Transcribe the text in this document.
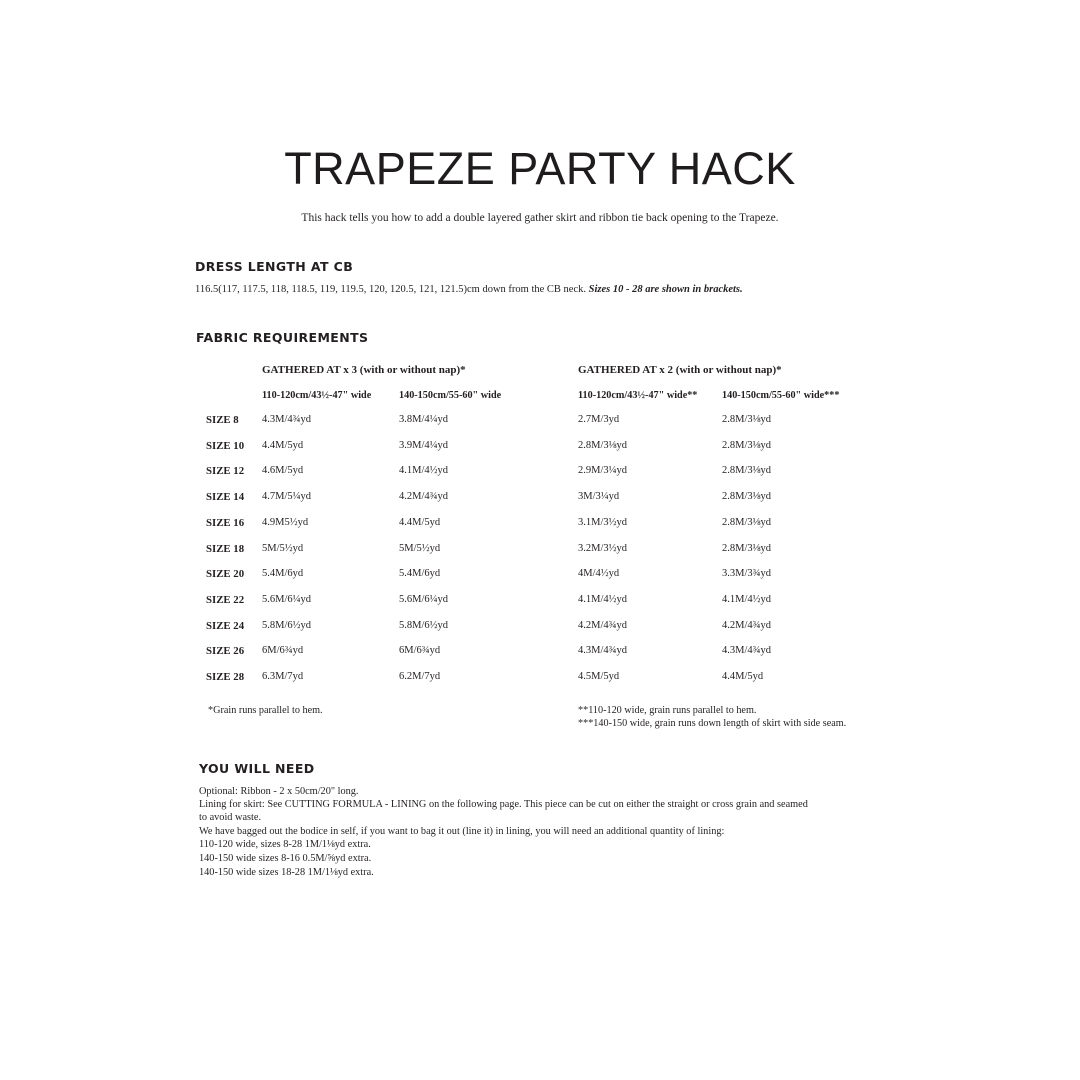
TRAPEZE PARTY HACK
This hack tells you how to add a double layered gather skirt and ribbon tie back opening to the Trapeze.
DRESS LENGTH AT CB
116.5(117, 117.5, 118, 118.5, 119, 119.5, 120, 120.5, 121, 121.5)cm down from the CB neck. Sizes 10 - 28 are shown in brackets.
FABRIC REQUIREMENTS
GATHERED AT x 3 (with or without nap)*	GATHERED AT x 2 (with or without nap)*
110-120cm/43½-47" wide	140-150cm/55-60" wide	110-120cm/43½-47" wide** 140-150cm/55-60" wide***
SIZE 8 4.3M/4¾yd	3.8M/4¼yd	2.7M/3yd	2.8M/3⅛yd
SIZE 10 4.4M/5yd	3.9M/4¼yd	2.8M/3⅛yd	2.8M/3⅛yd
SIZE 12 4.6M/5yd	4.1M/4½yd	2.9M/3¼yd	2.8M/3⅛yd
SIZE 14 4.7M/5¼yd	4.2M/4¾yd	3M/3¼yd	2.8M/3⅛yd
SIZE 16 4.9M5½yd	4.4M/5yd	3.1M/3½yd	2.8M/3⅛yd
SIZE 18 5M/5½yd	5M/5½yd	3.2M/3½yd	2.8M/3⅛yd
SIZE 20 5.4M/6yd	5.4M/6yd	4M/4½yd	3.3M/3¾yd
SIZE 22 5.6M/6¼yd	5.6M/6¼yd	4.1M/4½yd	4.1M/4½yd
SIZE 24 5.8M/6½yd	5.8M/6½yd	4.2M/4¾yd	4.2M/4¾yd
SIZE 26 6M/6¾yd	6M/6¾yd	4.3M/4¾yd	4.3M/4¾yd
SIZE 28 6.3M/7yd	6.2M/7yd	4.5M/5yd	4.4M/5yd
*Grain runs parallel to hem.	**110-120 wide, grain runs parallel to hem.
***140-150 wide, grain runs down length of skirt with side seam.
YOU WILL NEED
Optional: Ribbon - 2 x 50cm/20" long.
Lining for skirt: See CUTTING FORMULA - LINING on the following page. This piece can be cut on either the straight or cross grain and seamed
to avoid waste.
We have bagged out the bodice in self, if you want to bag it out (line it) in lining, you will need an additional quantity of lining:
110-120 wide, sizes 8-28 1M/1⅛yd extra.
140-150 wide sizes 8-16 0.5M/⅝yd extra.
140-150 wide sizes 18-28 1M/1⅛yd extra.
